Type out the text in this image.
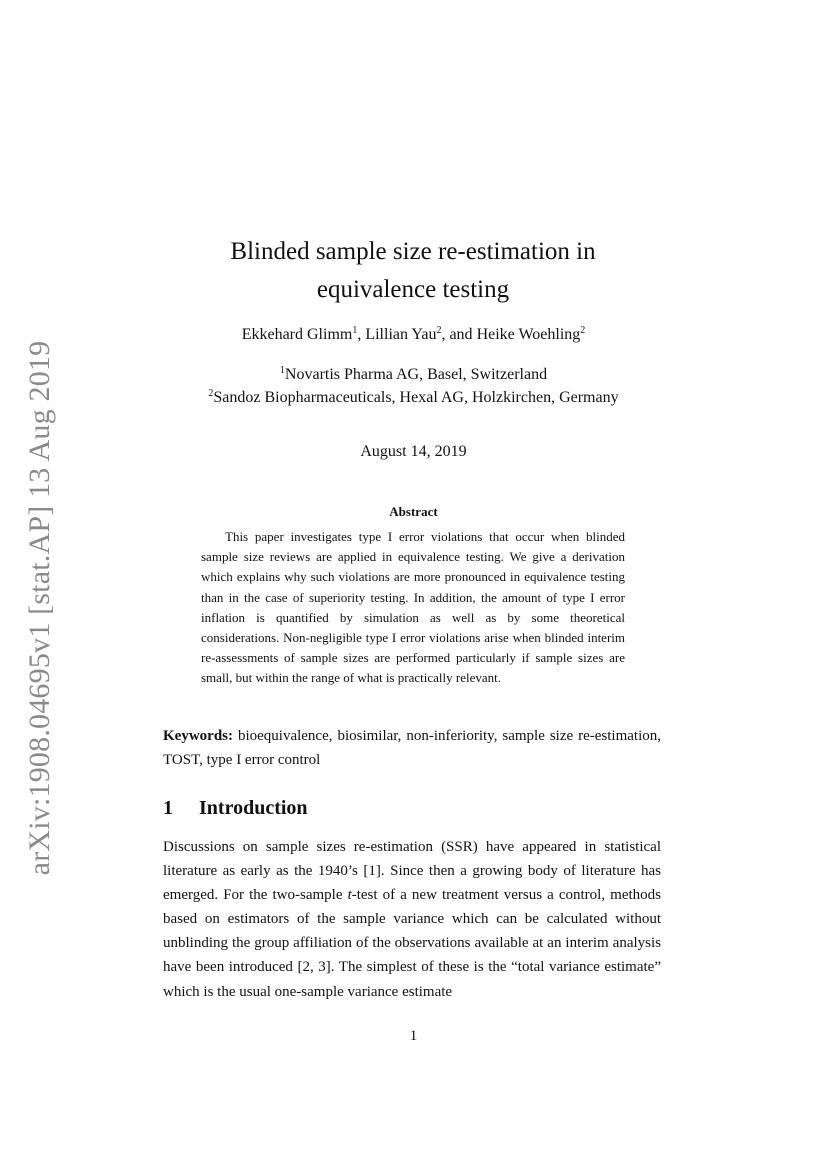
arXiv:1908.04695v1 [stat.AP] 13 Aug 2019
Blinded sample size re-estimation in equivalence testing
Ekkehard Glimm$^1$, Lillian Yau$^2$, and Heike Woehling$^2$
$^1$Novartis Pharma AG, Basel, Switzerland
$^2$Sandoz Biopharmaceuticals, Hexal AG, Holzkirchen, Germany
August 14, 2019
Abstract

This paper investigates type I error violations that occur when blinded sample size reviews are applied in equivalence testing. We give a derivation which explains why such violations are more pronounced in equivalence testing than in the case of superiority testing. In addition, the amount of type I error inflation is quantified by simulation as well as by some theoretical considerations. Non-negligible type I error violations arise when blinded interim re-assessments of sample sizes are performed particularly if sample sizes are small, but within the range of what is practically relevant.

Keywords: bioequivalence, biosimilar, non-inferiority, sample size re-estimation, TOST, type I error control

1 Introduction

Discussions on sample sizes re-estimation (SSR) have appeared in statistical literature as early as the 1940’s [1]. Since then a growing body of literature has emerged. For the two-sample t-test of a new treatment versus a control, methods based on estimators of the sample variance which can be calculated without unblinding the group affiliation of the observations available at an interim analysis have been introduced [2, 3]. The simplest of these is the “total variance estimate” which is the usual one-sample variance estimate

1
